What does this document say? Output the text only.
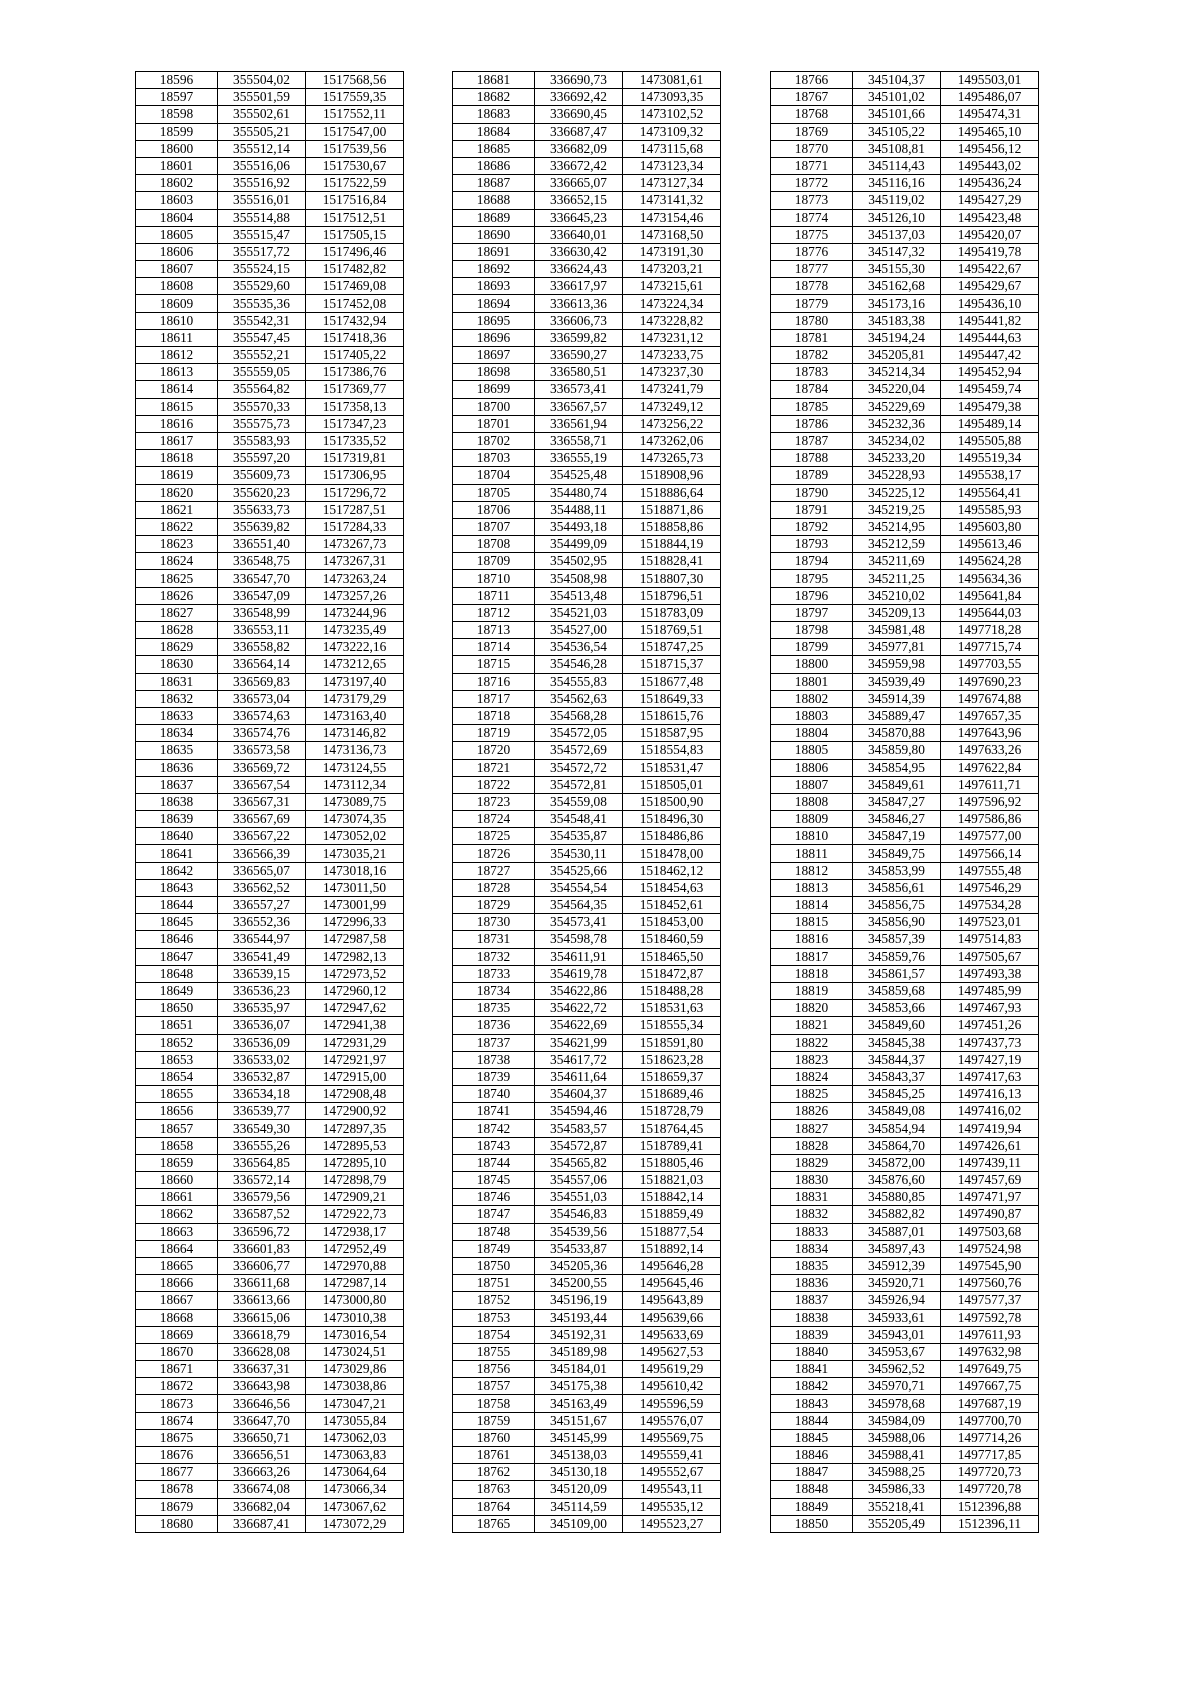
18596	355504,02	1517568,56
18597	355501,59	1517559,35
18598	355502,61	1517552,11
18599	355505,21	1517547,00
18600	355512,14	1517539,56
18601	355516,06	1517530,67
18602	355516,92	1517522,59
18603	355516,01	1517516,84
18604	355514,88	1517512,51
18605	355515,47	1517505,15
18606	355517,72	1517496,46
18607	355524,15	1517482,82
18608	355529,60	1517469,08
18609	355535,36	1517452,08
18610	355542,31	1517432,94
18611	355547,45	1517418,36
18612	355552,21	1517405,22
18613	355559,05	1517386,76
18614	355564,82	1517369,77
18615	355570,33	1517358,13
18616	355575,73	1517347,23
18617	355583,93	1517335,52
18618	355597,20	1517319,81
18619	355609,73	1517306,95
18620	355620,23	1517296,72
18621	355633,73	1517287,51
18622	355639,82	1517284,33
18623	336551,40	1473267,73
18624	336548,75	1473267,31
18625	336547,70	1473263,24
18626	336547,09	1473257,26
18627	336548,99	1473244,96
18628	336553,11	1473235,49
18629	336558,82	1473222,16
18630	336564,14	1473212,65
18631	336569,83	1473197,40
18632	336573,04	1473179,29
18633	336574,63	1473163,40
18634	336574,76	1473146,82
18635	336573,58	1473136,73
18636	336569,72	1473124,55
18637	336567,54	1473112,34
18638	336567,31	1473089,75
18639	336567,69	1473074,35
18640	336567,22	1473052,02
18641	336566,39	1473035,21
18642	336565,07	1473018,16
18643	336562,52	1473011,50
18644	336557,27	1473001,99
18645	336552,36	1472996,33
18646	336544,97	1472987,58
18647	336541,49	1472982,13
18648	336539,15	1472973,52
18649	336536,23	1472960,12
18650	336535,97	1472947,62
18651	336536,07	1472941,38
18652	336536,09	1472931,29
18653	336533,02	1472921,97
18654	336532,87	1472915,00
18655	336534,18	1472908,48
18656	336539,77	1472900,92
18657	336549,30	1472897,35
18658	336555,26	1472895,53
18659	336564,85	1472895,10
18660	336572,14	1472898,79
18661	336579,56	1472909,21
18662	336587,52	1472922,73
18663	336596,72	1472938,17
18664	336601,83	1472952,49
18665	336606,77	1472970,88
18666	336611,68	1472987,14
18667	336613,66	1473000,80
18668	336615,06	1473010,38
18669	336618,79	1473016,54
18670	336628,08	1473024,51
18671	336637,31	1473029,86
18672	336643,98	1473038,86
18673	336646,56	1473047,21
18674	336647,70	1473055,84
18675	336650,71	1473062,03
18676	336656,51	1473063,83
18677	336663,26	1473064,64
18678	336674,08	1473066,34
18679	336682,04	1473067,62
18680	336687,41	1473072,29
18681	336690,73	1473081,61
18682	336692,42	1473093,35
18683	336690,45	1473102,52
18684	336687,47	1473109,32
18685	336682,09	1473115,68
18686	336672,42	1473123,34
18687	336665,07	1473127,34
18688	336652,15	1473141,32
18689	336645,23	1473154,46
18690	336640,01	1473168,50
18691	336630,42	1473191,30
18692	336624,43	1473203,21
18693	336617,97	1473215,61
18694	336613,36	1473224,34
18695	336606,73	1473228,82
18696	336599,82	1473231,12
18697	336590,27	1473233,75
18698	336580,51	1473237,30
18699	336573,41	1473241,79
18700	336567,57	1473249,12
18701	336561,94	1473256,22
18702	336558,71	1473262,06
18703	336555,19	1473265,73
18704	354525,48	1518908,96
18705	354480,74	1518886,64
18706	354488,11	1518871,86
18707	354493,18	1518858,86
18708	354499,09	1518844,19
18709	354502,95	1518828,41
18710	354508,98	1518807,30
18711	354513,48	1518796,51
18712	354521,03	1518783,09
18713	354527,00	1518769,51
18714	354536,54	1518747,25
18715	354546,28	1518715,37
18716	354555,83	1518677,48
18717	354562,63	1518649,33
18718	354568,28	1518615,76
18719	354572,05	1518587,95
18720	354572,69	1518554,83
18721	354572,72	1518531,47
18722	354572,81	1518505,01
18723	354559,08	1518500,90
18724	354548,41	1518496,30
18725	354535,87	1518486,86
18726	354530,11	1518478,00
18727	354525,66	1518462,12
18728	354554,54	1518454,63
18729	354564,35	1518452,61
18730	354573,41	1518453,00
18731	354598,78	1518460,59
18732	354611,91	1518465,50
18733	354619,78	1518472,87
18734	354622,86	1518488,28
18735	354622,72	1518531,63
18736	354622,69	1518555,34
18737	354621,99	1518591,80
18738	354617,72	1518623,28
18739	354611,64	1518659,37
18740	354604,37	1518689,46
18741	354594,46	1518728,79
18742	354583,57	1518764,45
18743	354572,87	1518789,41
18744	354565,82	1518805,46
18745	354557,06	1518821,03
18746	354551,03	1518842,14
18747	354546,83	1518859,49
18748	354539,56	1518877,54
18749	354533,87	1518892,14
18750	345205,36	1495646,28
18751	345200,55	1495645,46
18752	345196,19	1495643,89
18753	345193,44	1495639,66
18754	345192,31	1495633,69
18755	345189,98	1495627,53
18756	345184,01	1495619,29
18757	345175,38	1495610,42
18758	345163,49	1495596,59
18759	345151,67	1495576,07
18760	345145,99	1495569,75
18761	345138,03	1495559,41
18762	345130,18	1495552,67
18763	345120,09	1495543,11
18764	345114,59	1495535,12
18765	345109,00	1495523,27
18766	345104,37	1495503,01
18767	345101,02	1495486,07
18768	345101,66	1495474,31
18769	345105,22	1495465,10
18770	345108,81	1495456,12
18771	345114,43	1495443,02
18772	345116,16	1495436,24
18773	345119,02	1495427,29
18774	345126,10	1495423,48
18775	345137,03	1495420,07
18776	345147,32	1495419,78
18777	345155,30	1495422,67
18778	345162,68	1495429,67
18779	345173,16	1495436,10
18780	345183,38	1495441,82
18781	345194,24	1495444,63
18782	345205,81	1495447,42
18783	345214,34	1495452,94
18784	345220,04	1495459,74
18785	345229,69	1495479,38
18786	345232,36	1495489,14
18787	345234,02	1495505,88
18788	345233,20	1495519,34
18789	345228,93	1495538,17
18790	345225,12	1495564,41
18791	345219,25	1495585,93
18792	345214,95	1495603,80
18793	345212,59	1495613,46
18794	345211,69	1495624,28
18795	345211,25	1495634,36
18796	345210,02	1495641,84
18797	345209,13	1495644,03
18798	345981,48	1497718,28
18799	345977,81	1497715,74
18800	345959,98	1497703,55
18801	345939,49	1497690,23
18802	345914,39	1497674,88
18803	345889,47	1497657,35
18804	345870,88	1497643,96
18805	345859,80	1497633,26
18806	345854,95	1497622,84
18807	345849,61	1497611,71
18808	345847,27	1497596,92
18809	345846,27	1497586,86
18810	345847,19	1497577,00
18811	345849,75	1497566,14
18812	345853,99	1497555,48
18813	345856,61	1497546,29
18814	345856,75	1497534,28
18815	345856,90	1497523,01
18816	345857,39	1497514,83
18817	345859,76	1497505,67
18818	345861,57	1497493,38
18819	345859,68	1497485,99
18820	345853,66	1497467,93
18821	345849,60	1497451,26
18822	345845,38	1497437,73
18823	345844,37	1497427,19
18824	345843,37	1497417,63
18825	345845,25	1497416,13
18826	345849,08	1497416,02
18827	345854,94	1497419,94
18828	345864,70	1497426,61
18829	345872,00	1497439,11
18830	345876,60	1497457,69
18831	345880,85	1497471,97
18832	345882,82	1497490,87
18833	345887,01	1497503,68
18834	345897,43	1497524,98
18835	345912,39	1497545,90
18836	345920,71	1497560,76
18837	345926,94	1497577,37
18838	345933,61	1497592,78
18839	345943,01	1497611,93
18840	345953,67	1497632,98
18841	345962,52	1497649,75
18842	345970,71	1497667,75
18843	345978,68	1497687,19
18844	345984,09	1497700,70
18845	345988,06	1497714,26
18846	345988,41	1497717,85
18847	345988,25	1497720,73
18848	345986,33	1497720,78
18849	355218,41	1512396,88
18850	355205,49	1512396,11
